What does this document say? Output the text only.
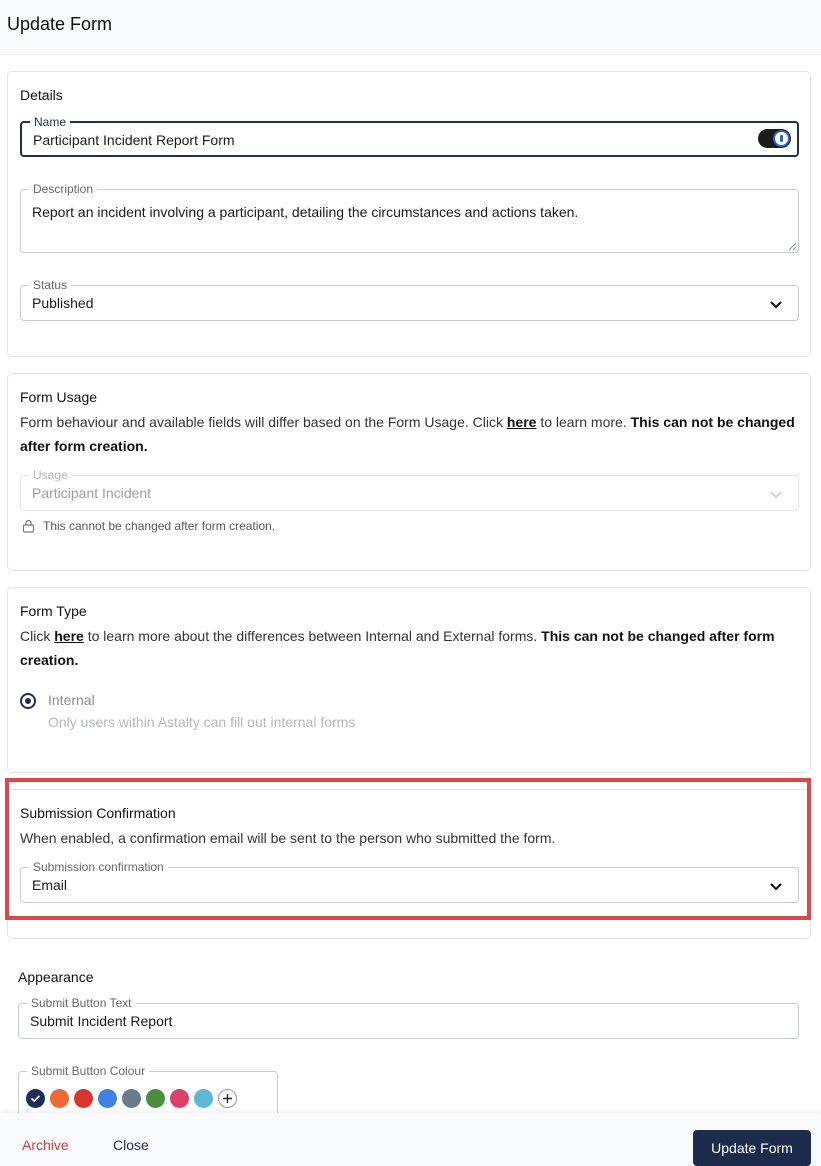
Update Form
Details
Name
Participant Incident Report Form
Description
Report an incident involving a participant, detailing the circumstances and actions taken.
Status
Published
Form Usage
Form behaviour and available fields will differ based on the Form Usage. Click here to learn more. This can not be changed after form creation.
Usage
Participant Incident
This cannot be changed after form creation.
Form Type
Click here to learn more about the differences between Internal and External forms. This can not be changed after form creation.
Internal
Only users within Astalty can fill out internal forms
Submission Confirmation
When enabled, a confirmation email will be sent to the person who submitted the form.
Submission confirmation
Email
Appearance
Submit Button Text
Submit Incident Report
Submit Button Colour
Archive	Close	Update Form
